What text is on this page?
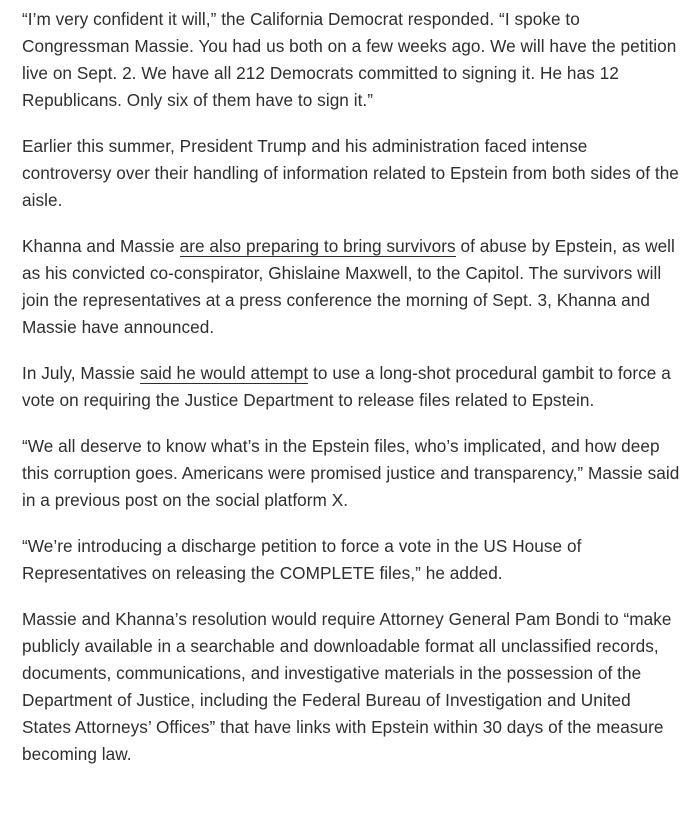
“I’m very confident it will,” the California Democrat responded. “I spoke to Congressman Massie. You had us both on a few weeks ago. We will have the petition live on Sept. 2. We have all 212 Democrats committed to signing it. He has 12 Republicans. Only six of them have to sign it.”

Earlier this summer, President Trump and his administration faced intense controversy over their handling of information related to Epstein from both sides of the aisle.

Khanna and Massie are also preparing to bring survivors of abuse by Epstein, as well as his convicted co-conspirator, Ghislaine Maxwell, to the Capitol. The survivors will join the representatives at a press conference the morning of Sept. 3, Khanna and Massie have announced.

In July, Massie said he would attempt to use a long-shot procedural gambit to force a vote on requiring the Justice Department to release files related to Epstein.

“We all deserve to know what’s in the Epstein files, who’s implicated, and how deep this corruption goes. Americans were promised justice and transparency,” Massie said in a previous post on the social platform X.

“We’re introducing a discharge petition to force a vote in the US House of Representatives on releasing the COMPLETE files,” he added.

Massie and Khanna’s resolution would require Attorney General Pam Bondi to “make publicly available in a searchable and downloadable format all unclassified records, documents, communications, and investigative materials in the possession of the Department of Justice, including the Federal Bureau of Investigation and United States Attorneys’ Offices” that have links with Epstein within 30 days of the measure becoming law.
